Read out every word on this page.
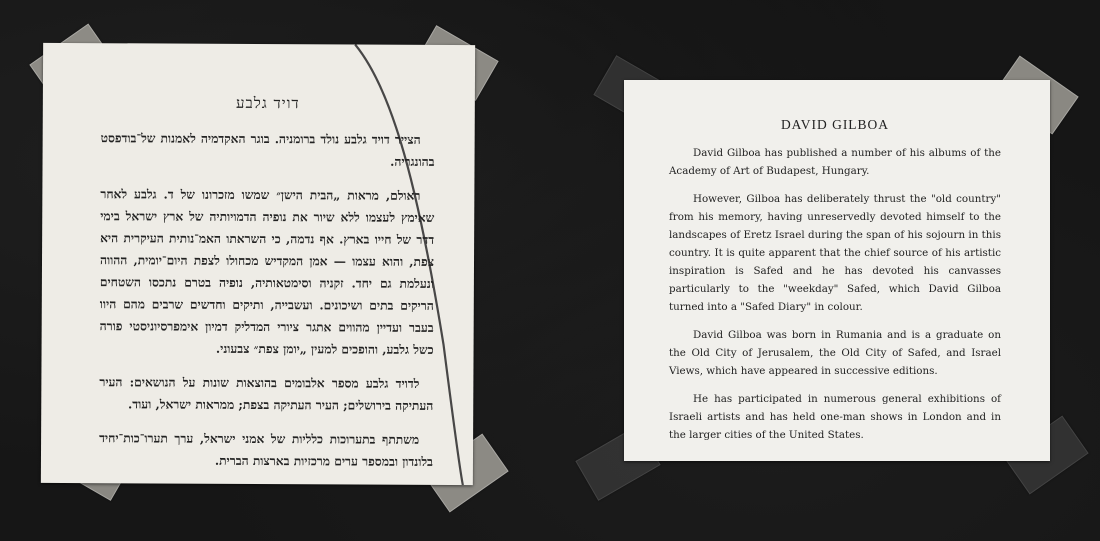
דויד גלבע

הצייר דויד גלבע נולד ברומניה. בוגר האקדמיה לאמנות של־בודפסט בהונגריה.

ראולם, מראות „הבית הישן״ שמשו מזכרונו של ד. גלבע לאחר שאימץ לעצמו ללא שיור את נופיה הדמויותיה של ארץ ישראל בימי דדר של חייו בארץ. אף נדמה, כי השראתו האמ־נותית העיקרית היא צפת, והוא עצמו — אמן המקדיש מכחולו לצפת היום־יומית, ההווה ונעלמת גם יחד. זקניה וסימטאותיה, נופיה בטרם נתכסו השטחים הריקים בתים ושיכונים. ועשבייה, ותיקים וחדשים שרבים מהם היוו בעבר ועדיין מהווים אתגר ציורי המדליק דמיון אימפרסיוניסטי פורה כשל גלבע, והופכים למעין „יומן צפת״ צבעוני.

לדויד גלבע מספר אלבומים בהוצאות שונות על הנושאים: העיר העתיקה בירושלים; העיר העתיקה בצפת; ממראות ישראל, ועוד.

משתתף בתערוכות כלליות של אמני ישראל, ערך תערו־כות־יחיד בלונדון ובמספר ערים מרכזיות בארצות הברית.

DAVID GILBOA

David Gilboa has published a number of his albums of the Academy of Art of Budapest, Hungary.

However, Gilboa has deliberately thrust the "old country" from his memory, having unreservedly devoted himself to the landscapes of Eretz Israel during the span of his sojourn in this country. It is quite apparent that the chief source of his artistic inspiration is Safed and he has devoted his canvasses particularly to the "weekday" Safed, which David Gilboa turned into a "Safed Diary" in colour.

David Gilboa was born in Rumania and is a graduate on the Old City of Jerusalem, the Old City of Safed, and Israel Views, which have appeared in successive editions.

He has participated in numerous general exhibitions of Israeli artists and has held one-man shows in London and in the larger cities of the United States.
